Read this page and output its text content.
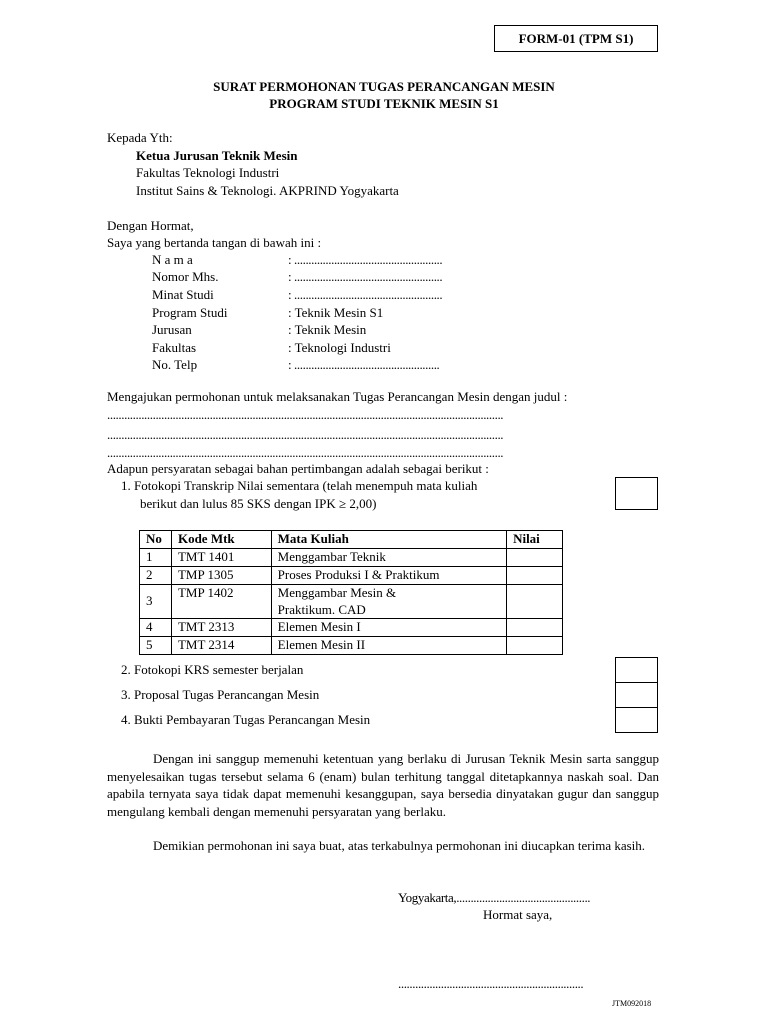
FORM-01 (TPM S1)
SURAT PERMOHONAN TUGAS PERANCANGAN MESIN
PROGRAM STUDI TEKNIK MESIN S1
Kepada Yth:
Ketua Jurusan Teknik Mesin
Fakultas Teknologi Industri
Institut Sains & Teknologi. AKPRIND Yogyakarta
Dengan Hormat,
Saya yang bertanda tangan di bawah ini :
N a m a	: ....................................................
Nomor Mhs.	: ....................................................
Minat Studi	: ....................................................
Program Studi	: Teknik Mesin S1
Jurusan	: Teknik Mesin
Fakultas	: Teknologi Industri
No. Telp	: ...................................................
Mengajukan permohonan untuk melaksanakan Tugas Perancangan Mesin dengan judul :
...........................................................................................................................................
...........................................................................................................................................
...........................................................................................................................................
Adapun persyaratan sebagai bahan pertimbangan adalah sebagai berikut :
1. Fotokopi Transkrip Nilai sementara (telah menempuh mata kuliah
berikut dan lulus 85 SKS dengan IPK ≥ 2,00)
No	Kode Mtk	Mata Kuliah	Nilai
1	TMT 1401	Menggambar Teknik	
2	TMP 1305	Proses Produksi I & Praktikum	
3	TMP 1402	Menggambar Mesin & Praktikum. CAD	
4	TMT 2313	Elemen Mesin I	
5	TMT 2314	Elemen Mesin II	
2. Fotokopi KRS semester berjalan
3. Proposal Tugas Perancangan Mesin
4. Bukti Pembayaran Tugas Perancangan Mesin
Dengan ini sanggup memenuhi ketentuan yang berlaku di Jurusan Teknik Mesin sarta sanggup menyelesaikan tugas tersebut selama 6 (enam) bulan terhitung tanggal ditetapkannya naskah soal. Dan apabila ternyata saya tidak dapat memenuhi kesanggupan, saya bersedia dinyatakan gugur dan sanggup mengulang kembali dengan memenuhi persyaratan yang berlaku.
Demikian permohonan ini saya buat, atas terkabulnya permohonan ini diucapkan terima kasih.
Yogyakarta,...............................................
Hormat saya,
.................................................................
JTM092018
